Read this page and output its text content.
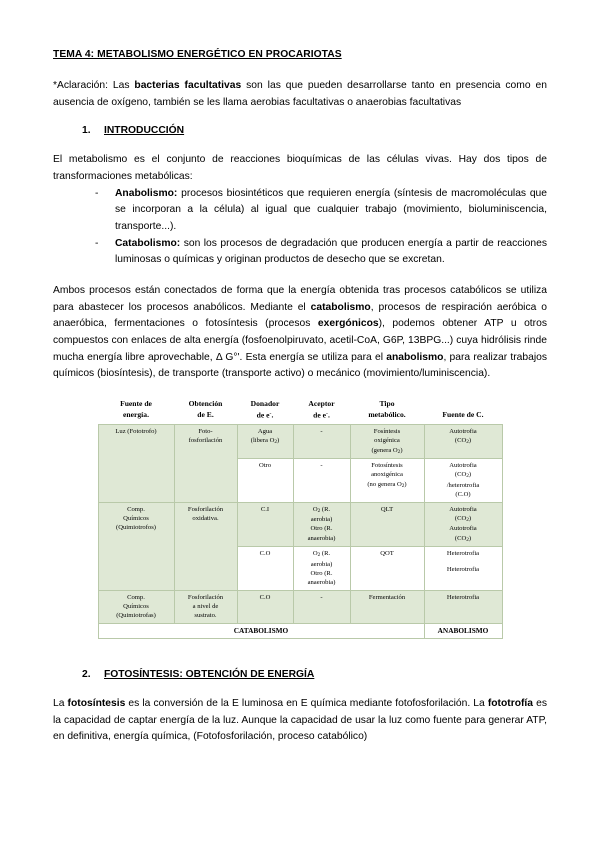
TEMA 4: METABOLISMO ENERGÉTICO EN PROCARIOTAS

*Aclaración: Las bacterias facultativas son las que pueden desarrollarse tanto en presencia como en ausencia de oxígeno, también se les llama aerobias facultativas o anaerobias facultativas

1.	INTRODUCCIÓN

El metabolismo es el conjunto de reacciones bioquímicas de las células vivas. Hay dos tipos de transformaciones metabólicas:

- Anabolismo: procesos biosintéticos que requieren energía (síntesis de macromoléculas que se incorporan a la célula) al igual que cualquier trabajo (movimiento, bioluminiscencia, transporte...).
- Catabolismo: son los procesos de degradación que producen energía a partir de reacciones luminosas o químicas y originan productos de desecho que se excretan.

Ambos procesos están conectados de forma que la energía obtenida tras procesos catabólicos se utiliza para abastecer los procesos anabólicos. Mediante el catabolismo, procesos de respiración aeróbica o anaeróbica, fermentaciones o fotosíntesis (procesos exergónicos), podemos obtener ATP u otros compuestos con enlaces de alta energía (fosfoenolpiruvato, acetil-CoA, G6P, 13BPG...) cuya hidrólisis rinde mucha energía libre aprovechable, Δ G°'. Esta energía se utiliza para el anabolismo, para realizar trabajos químicos (biosíntesis), de transporte (transporte activo) o mecánico (movimiento/luminiscencia).

Fuente de
energía.	Obtención
de E.	Donador
de e-.	Aceptor
de e-.	Tipo
metabólico.	Fuente de C.

Luz (Fototrofo)	Foto-
fosforilación	Agua
(libera $O_2$)	-	Fosíntesis
oxigénica
(genera $O_2$)	Autotrofia
$(CO_2)$

		Otro	-	Fotosíntesis
anoxigénica
(no genera $O_2$)	Autotrofia
$(CO_2)$
/heterotrofia
(C.O)

Comp.
Químicos
(Quimiotrofos)	Fosforilación
oxidativa.	C.I	$O_2$ (R.
aerobia)
Otro (R.
anaerobia)	QLT	Autotrofia
$(CO_2)$
Autotrofia
$(CO_2)$

		C.O	$O_2$ (R.
aerobia)
Otro (R.
anaerobia)	QOT	Heterotrofia
Heterotrofia

Comp.
Químicos
(Quimiotrofas)	Fosforilación
a nivel de
sustrato.	C.O	-	Fermentación	Heterotrofia

CATABOLISMO					ANABOLISMO
2.	FOTOSÍNTESIS: OBTENCIÓN DE ENERGÍA

La fotosíntesis es la conversión de la E luminosa en E química mediante fotofosforilación. La fototrofía es la capacidad de captar energía de la luz. Aunque la capacidad de usar la luz como fuente para generar ATP, en definitiva, energía química, (Fotofosforilación, proceso catabólico)
